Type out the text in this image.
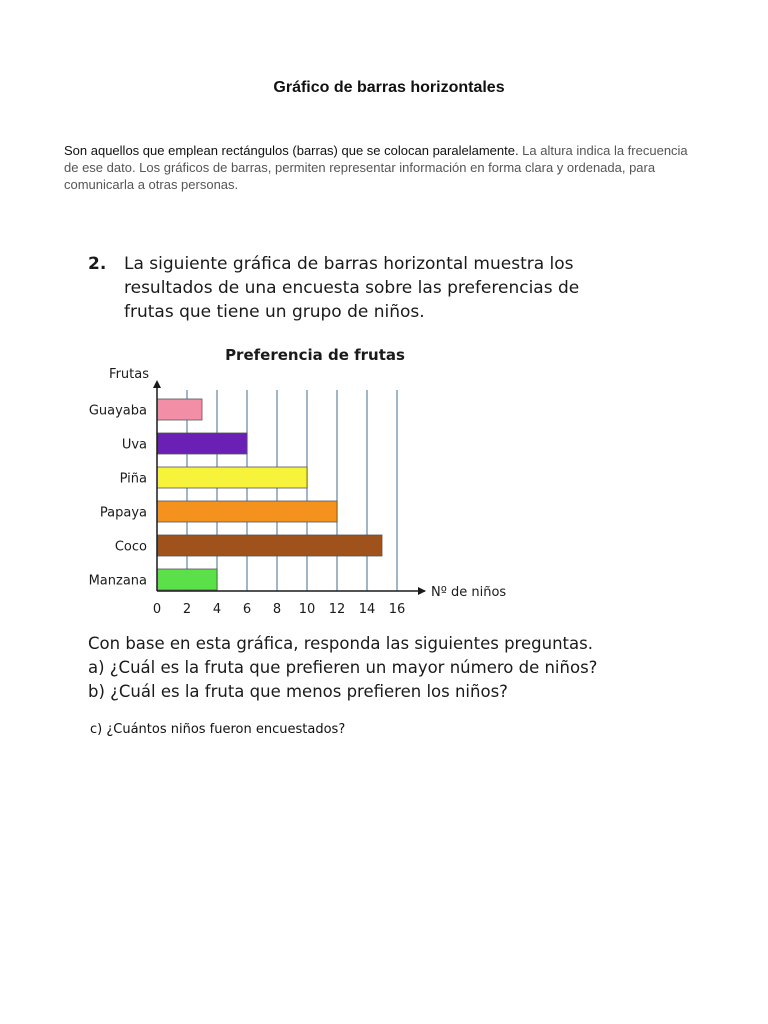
Gráfico de barras horizontales
Son aquellos que emplean rectángulos (barras) que se colocan paralelamente. La altura indica la frecuencia de ese dato. Los gráficos de barras, permiten representar información en forma clara y ordenada, para comunicarla a otras personas.
2. La siguiente gráfica de barras horizontal muestra los
resultados de una encuesta sobre las preferencias de
frutas que tiene un grupo de niños.
Preferencia de frutas
Guayaba
Uva
Piña
Papaya
Coco
Manzana
Frutas
Nº de niños
0 2 4 6 8 10 12 14 16
Con base en esta gráfica, responda las siguientes preguntas.
a) ¿Cuál es la fruta que prefieren un mayor número de niños?
b) ¿Cuál es la fruta que menos prefieren los niños?
c) ¿Cuántos niños fueron encuestados?
